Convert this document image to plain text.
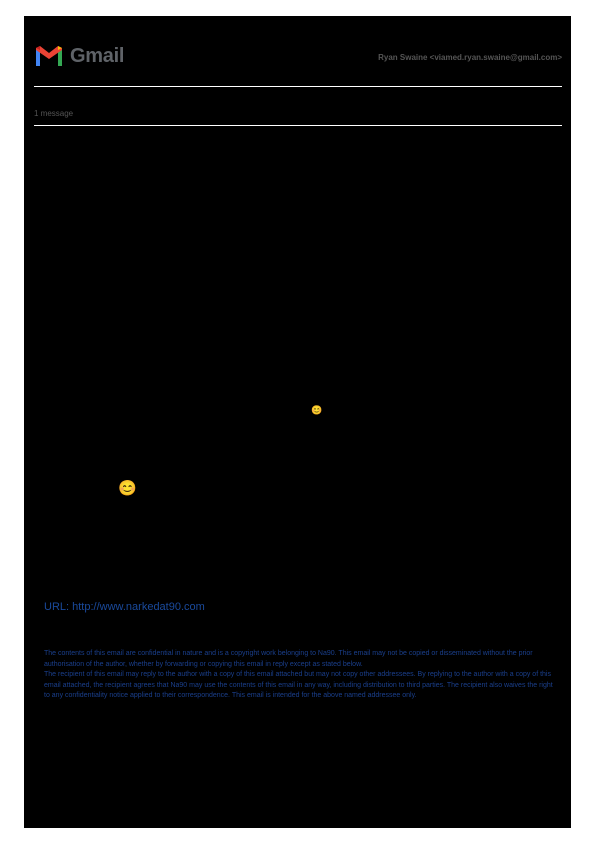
Gmail	Ryan Swaine <viamed.ryan.swaine@gmail.com>
1 message
😊
😊
URL: http://www.narkedat90.com

The contents of this email are confidential in nature and is a copyright work belonging to Na90. This email may not be copied or disseminated without the prior authorisation of the author, whether by forwarding or copying this email in reply except as stated below.

The recipient of this email may reply to the author with a copy of this email attached but may not copy other addressees. By replying to the author with a copy of this email attached, the recipient agrees that Na90 may use the contents of this email in any way, including distribution to third parties. The recipient also waives the right to any confidentiality notice applied to their correspondence. This email is intended for the above named addressee only.
